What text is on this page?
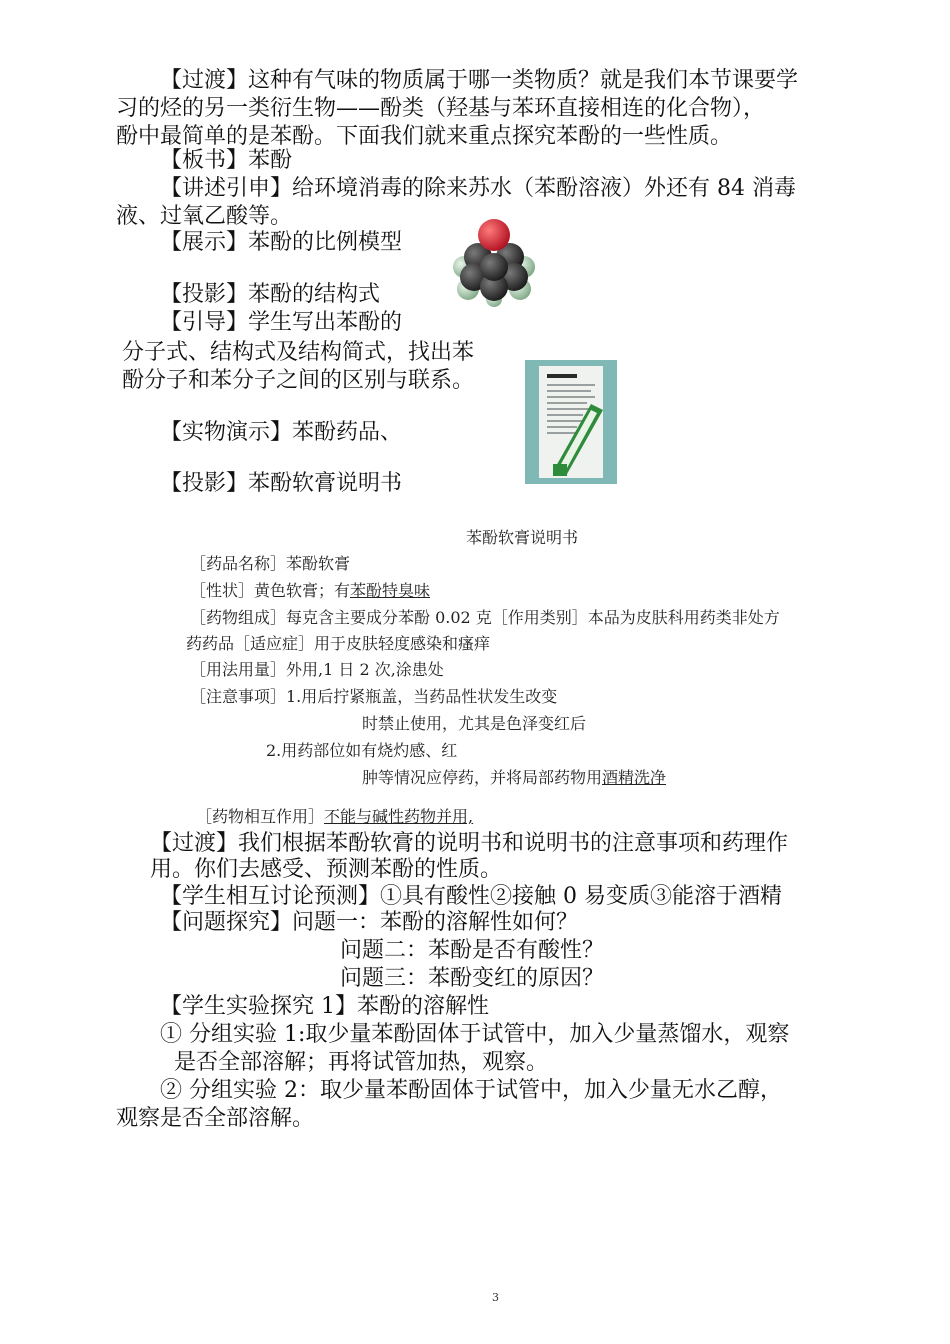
【过渡】这种有气味的物质属于哪一类物质？就是我们本节课要学
习的烃的另一类衍生物——酚类（羟基与苯环直接相连的化合物），
酚中最简单的是苯酚。下面我们就来重点探究苯酚的一些性质。
【板书】苯酚
【讲述引申】给环境消毒的除来苏水（苯酚溶液）外还有 84 消毒
液、过氧乙酸等。
【展示】苯酚的比例模型
【投影】苯酚的结构式
【引导】学生写出苯酚的
分子式、结构式及结构简式，找出苯
酚分子和苯分子之间的区别与联系。
【实物演示】苯酚药品、
【投影】苯酚软膏说明书
苯酚软膏说明书
［药品名称］苯酚软膏
［性状］黄色软膏；有苯酚特臭味
［药物组成］每克含主要成分苯酚 0.02 克［作用类别］本品为皮肤科用药类非处方
药药品［适应症］用于皮肤轻度感染和瘙痒
［用法用量］外用,1 日 2 次,涂患处
［注意事项］1.用后拧紧瓶盖，当药品性状发生改变
时禁止使用，尤其是色泽变红后
2.用药部位如有烧灼感、红
肿等情况应停药，并将局部药物用酒精洗净
［药物相互作用］不能与碱性药物并用,
【过渡】我们根据苯酚软膏的说明书和说明书的注意事项和药理作
用。你们去感受、预测苯酚的性质。
【学生相互讨论预测】①具有酸性②接触 0 易变质③能溶于酒精
【问题探究】问题一：苯酚的溶解性如何？
问题二：苯酚是否有酸性？
问题三：苯酚变红的原因？
【学生实验探究 1】苯酚的溶解性
① 分组实验 1:取少量苯酚固体于试管中，加入少量蒸馏水，观察
是否全部溶解；再将试管加热，观察。
② 分组实验 2：取少量苯酚固体于试管中，加入少量无水乙醇，
观察是否全部溶解。
3
